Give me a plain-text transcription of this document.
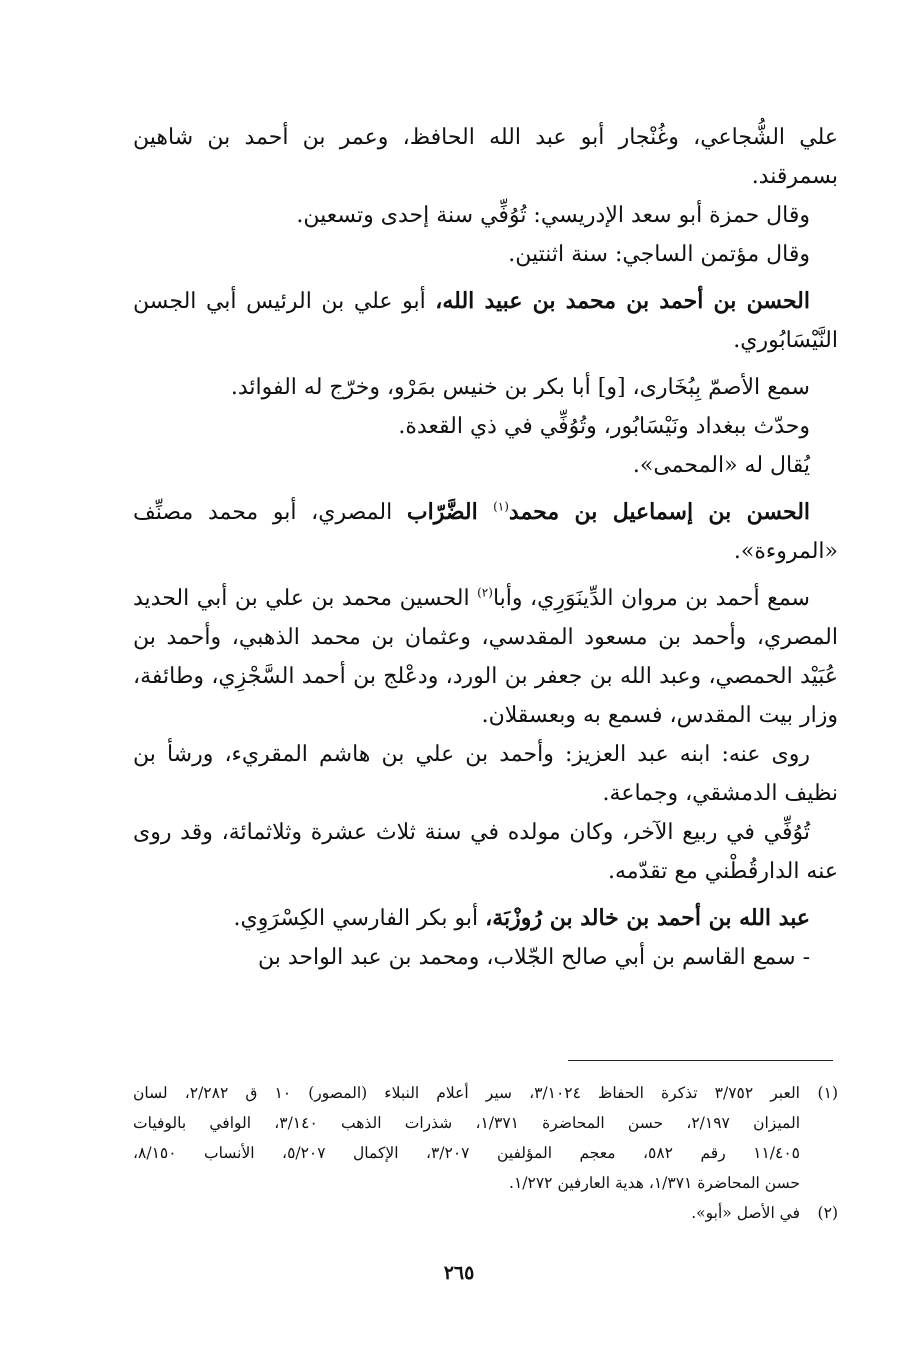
علي الشُّجاعي، وغُنْجار أبو عبد الله الحافظ، وعمر بن أحمد بن شاهين بسمرقند.

وقال حمزة أبو سعد الإدريسي: تُوُفِّي سنة إحدى وتسعين.

وقال مؤتمن الساجي: سنة اثنتين.

الحسن بن أحمد بن محمد بن عبيد الله، أبو علي بن الرئيس أبي الجسن النَّيْسَابُوري.

سمع الأصمّ بِبُخَارى، [و] أبا بكر بن خنيس بمَرْو، وخرّج له الفوائد.

وحدّث ببغداد ونَيْسَابُور، وتُوُفِّي في ذي القعدة.

يُقال له «المحمى».

الحسن بن إسماعيل بن محمد$^{(١)}$ الضَّرّاب المصري، أبو محمد مصنِّف «المروءة».

سمع أحمد بن مروان الدِّينَوَرِي، وأبا$^{(٢)}$ الحسين محمد بن علي بن أبي الحديد المصري، وأحمد بن مسعود المقدسي، وعثمان بن محمد الذهبي، وأحمد بن عُبَيْد الحمصي، وعبد الله بن جعفر بن الورد، ودعْلج بن أحمد السَّجْزِي، وطائفة، وزار بيت المقدس، فسمع به وبعسقلان.

روى عنه: ابنه عبد العزيز: وأحمد بن علي بن هاشم المقريء، ورشأ بن نظيف الدمشقي، وجماعة.

تُوُفِّي في ربيع الآخر، وكان مولده في سنة ثلاث عشرة وثلاثمائة، وقد روى عنه الدارقُطْني مع تقدّمه.

عبد الله بن أحمد بن خالد بن رُوزْبَة، أبو بكر الفارسي الكِسْرَوِي.

- سمع القاسم بن أبي صالح الجّلاب، ومحمد بن عبد الواحد بن

(١)
العبر ٣/٧٥٢ تذكرة الحفاظ ٣/١٠٢٤، سير أعلام النبلاء (المصور) ١٠ ق ٢/٢٨٢، لسان
الميزان ٢/١٩٧، حسن المحاضرة ١/٣٧١، شذرات الذهب ٣/١٤٠، الوافي بالوفيات
١١/٤٠٥ رقم ٥٨٢، معجم المؤلفين ٣/٢٠٧، الإكمال ٥/٢٠٧، الأنساب ٨/١٥٠،
حسن المحاضرة ١/٣٧١، هدية العارفين ١/٢٧٢.
(٢)
في الأصل «أبو».
٢٦٥
